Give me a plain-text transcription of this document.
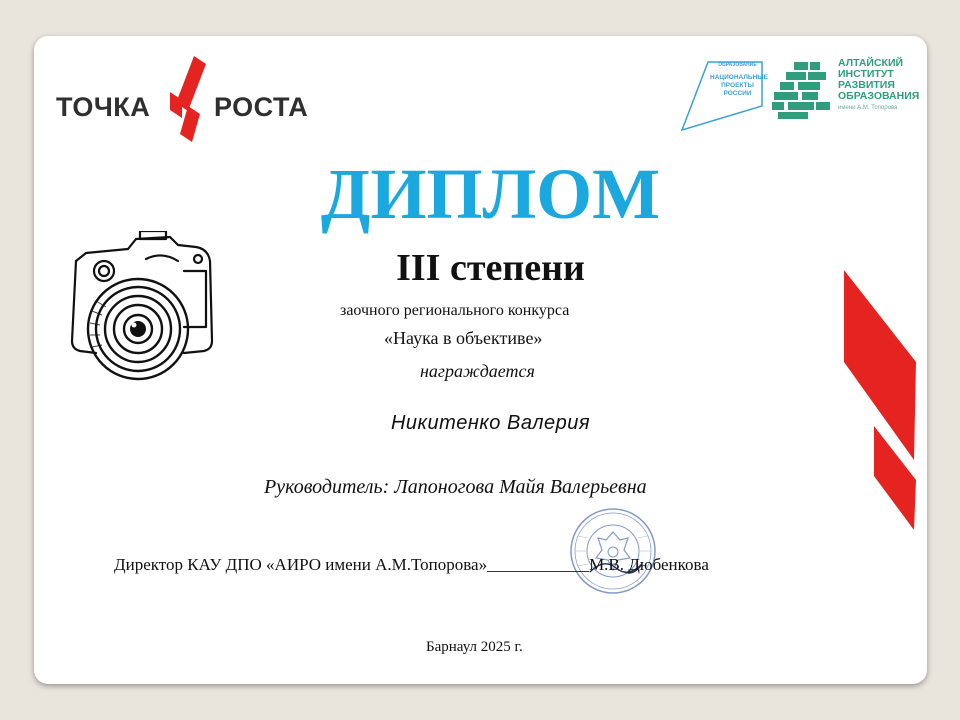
ТОЧКА РОСТА
ОБРАЗОВАНИЕ
НАЦИОНАЛЬНЫЕ
ПРОЕКТЫ
РОССИИ
АЛТАЙСКИЙ
ИНСТИТУТ
РАЗВИТИЯ
ОБРАЗОВАНИЯ
имени А.М. Топорова
ДИПЛОМ
III степени
заочного регионального конкурса
«Наука в объективе»
награждается
Никитенко Валерия
Руководитель: Лапоногова Майя Валерьевна
Директор КАУ ДПО «АИРО имени А.М.Топорова»____________М.В. Дюбенкова
Барнаул 2025 г.
